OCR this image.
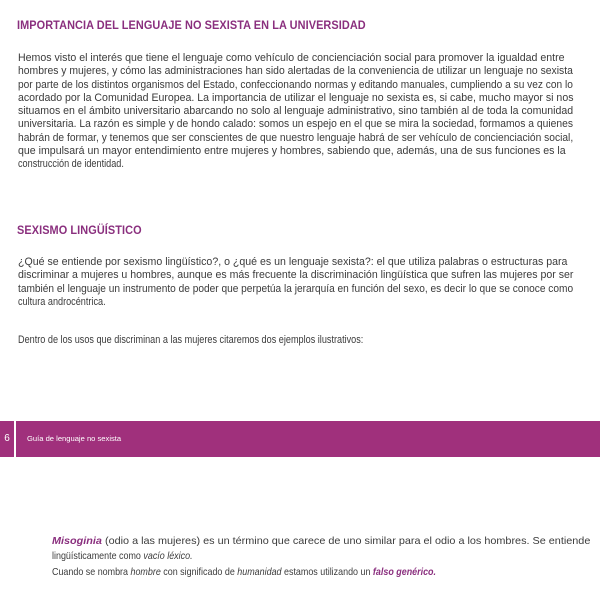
IMPORTANCIA DEL LENGUAJE NO SEXISTA EN LA UNIVERSIDAD
Hemos visto el interés que tiene el lenguaje como vehículo de concienciación social para promover la igualdad entre
hombres y mujeres, y cómo las administraciones han sido alertadas de la conveniencia de utilizar un lenguaje no sexista
por parte de los distintos organismos del Estado, confeccionando normas y editando manuales, cumpliendo a su vez con lo
acordado por la Comunidad Europea. La importancia de utilizar el lenguaje no sexista es, si cabe, mucho mayor si nos
situamos en el ámbito universitario abarcando no solo al lenguaje administrativo, sino también al de toda la comunidad
universitaria. La razón es simple y de hondo calado: somos un espejo en el que se mira la sociedad, formamos a quienes
habrán de formar, y tenemos que ser conscientes de que nuestro lenguaje habrá de ser vehículo de concienciación social,
que impulsará un mayor entendimiento entre mujeres y hombres, sabiendo que, además, una de sus funciones es la
construcción de identidad.
SEXISMO LINGÜÍSTICO
¿Qué se entiende por sexismo lingüístico?, o ¿qué es un lenguaje sexista?: el que utiliza palabras o estructuras para
discriminar a mujeres u hombres, aunque es más frecuente la discriminación lingüística que sufren las mujeres por ser
también el lenguaje un instrumento de poder que perpetúa la jerarquía en función del sexo, es decir lo que se conoce como
cultura androcéntrica.
Dentro de los usos que discriminan a las mujeres citaremos dos ejemplos ilustrativos:
6	Guía de lenguaje no sexista
Misoginia (odio a las mujeres) es un término que carece de uno similar para el odio a los hombres. Se entiende
lingüísticamente como vacío léxico.
Cuando se nombra hombre con significado de humanidad estamos utilizando un falso genérico.
